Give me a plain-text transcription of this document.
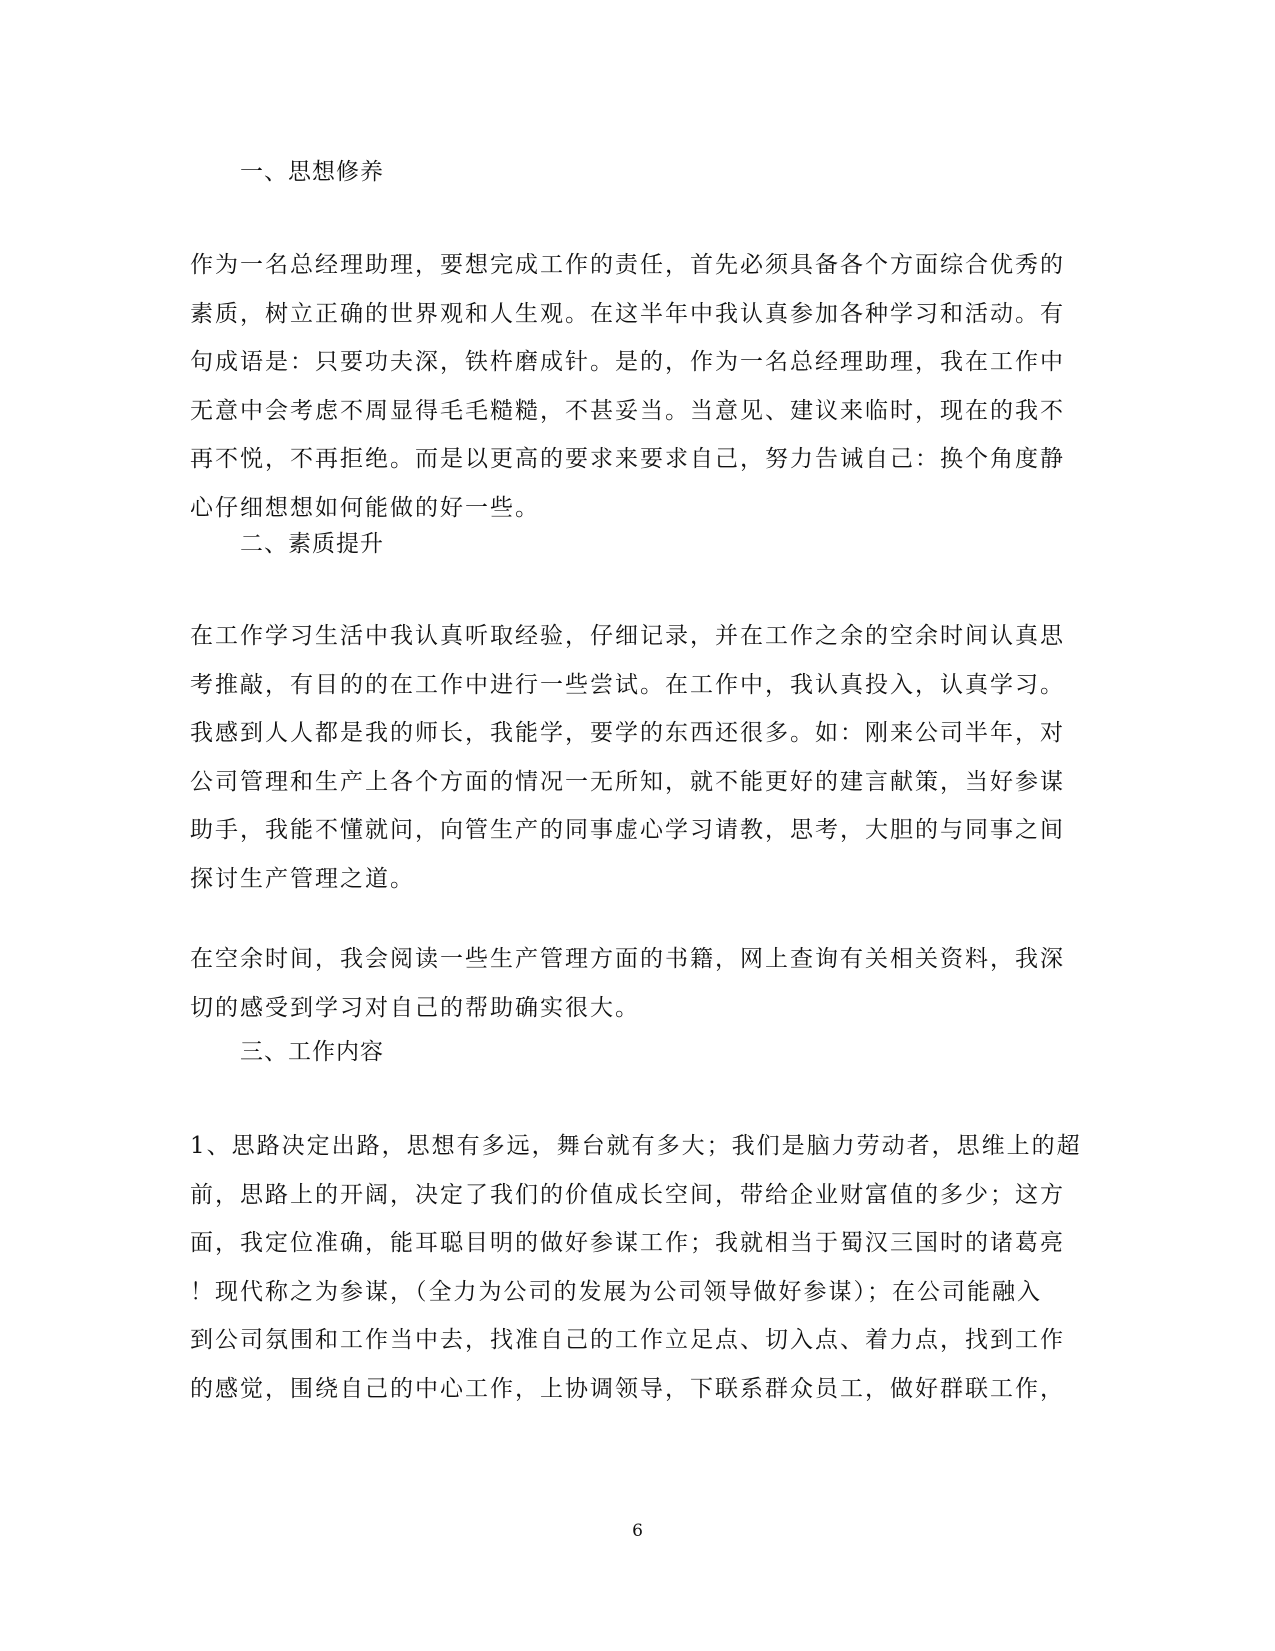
一、思想修养
作为一名总经理助理，要想完成工作的责任，首先必须具备各个方面综合优秀的
素质，树立正确的世界观和人生观。在这半年中我认真参加各种学习和活动。有
句成语是：只要功夫深，铁杵磨成针。是的，作为一名总经理助理，我在工作中
无意中会考虑不周显得毛毛糙糙，不甚妥当。当意见、建议来临时，现在的我不
再不悦，不再拒绝。而是以更高的要求来要求自己，努力告诫自己：换个角度静
心仔细想想如何能做的好一些。
二、素质提升
在工作学习生活中我认真听取经验，仔细记录，并在工作之余的空余时间认真思
考推敲，有目的的在工作中进行一些尝试。在工作中，我认真投入，认真学习。
我感到人人都是我的师长，我能学，要学的东西还很多。如：刚来公司半年，对
公司管理和生产上各个方面的情况一无所知，就不能更好的建言献策，当好参谋
助手，我能不懂就问，向管生产的同事虚心学习请教，思考，大胆的与同事之间
探讨生产管理之道。
在空余时间，我会阅读一些生产管理方面的书籍，网上查询有关相关资料，我深
切的感受到学习对自己的帮助确实很大。
三、工作内容
1、思路决定出路，思想有多远，舞台就有多大；我们是脑力劳动者，思维上的超
前，思路上的开阔，决定了我们的价值成长空间，带给企业财富值的多少；这方
面，我定位准确，能耳聪目明的做好参谋工作；我就相当于蜀汉三国时的诸葛亮
！现代称之为参谋，（全力为公司的发展为公司领导做好参谋）；在公司能融入
到公司氛围和工作当中去，找准自己的工作立足点、切入点、着力点，找到工作
的感觉，围绕自己的中心工作，上协调领导，下联系群众员工，做好群联工作，
6
